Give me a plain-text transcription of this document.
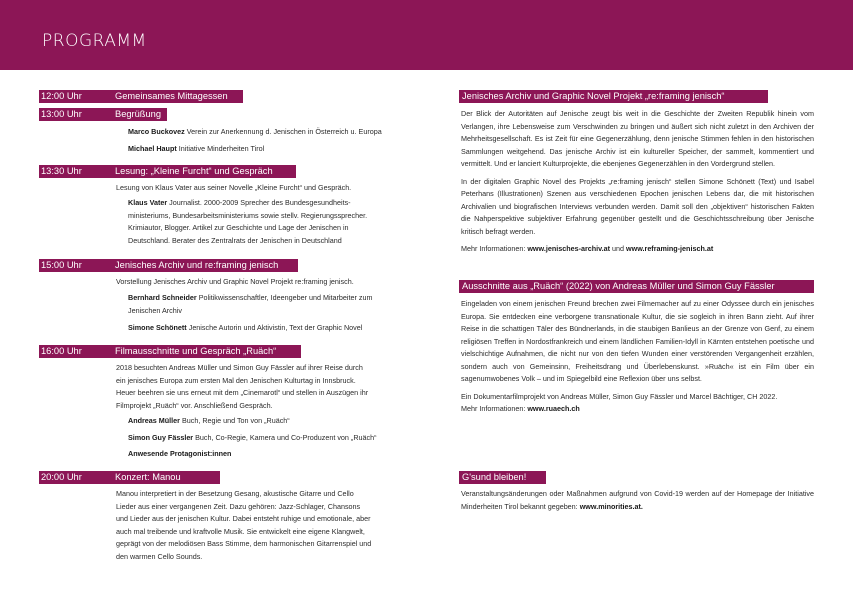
PROGRAMM
12:00 Uhr	Gemeinsames Mittagessen
13:00 Uhr	Begrüßung
Marco Buckovez Verein zur Anerkennung d. Jenischen in Österreich u. Europa
Michael Haupt Initiative Minderheiten Tirol
13:30 Uhr	Lesung: „Kleine Furcht“ und Gespräch
Lesung von Klaus Vater aus seiner Novelle „Kleine Furcht“ und Gespräch.
Klaus Vater Journalist. 2000-2009 Sprecher des Bundesgesundheits-
ministeriums, Bundesarbeitsministeriums sowie stellv. Regierungssprecher.
Krimiautor, Blogger. Artikel zur Geschichte und Lage der Jenischen in
Deutschland. Berater des Zentralrats der Jenischen in Deutschland
15:00 Uhr	Jenisches Archiv und re:framing jenisch
Vorstellung Jenisches Archiv und Graphic Novel Projekt re:framing jenisch.
Bernhard Schneider Politikwissenschaftler, Ideengeber und Mitarbeiter zum
Jenischen Archiv
Simone Schönett Jenische Autorin und Aktivistin, Text der Graphic Novel
16:00 Uhr	Filmausschnitte und Gespräch „Ruäch“
2018 besuchten Andreas Müller und Simon Guy Fässler auf ihrer Reise durch
ein jenisches Europa zum ersten Mal den Jenischen Kulturtag in Innsbruck.
Heuer beehren sie uns erneut mit dem „Cinemarotl“ und stellen in Auszügen ihr
Filmprojekt „Ruäch“ vor. Anschließend Gespräch.
Andreas Müller Buch, Regie und Ton von „Ruäch“
Simon Guy Fässler Buch, Co-Regie, Kamera und Co-Produzent von „Ruäch“
Anwesende Protagonist:innen
20:00 Uhr	Konzert: Manou
Manou interpretiert in der Besetzung Gesang, akustische Gitarre und Cello
Lieder aus einer vergangenen Zeit. Dazu gehören: Jazz-Schlager, Chansons
und Lieder aus der jenischen Kultur. Dabei entsteht ruhige und emotionale, aber
auch mal treibende und kraftvolle Musik. Sie entwickelt eine eigene Klangwelt,
geprägt von der melodiösen Bass Stimme, dem harmonischen Gitarrenspiel und
den warmen Cello Sounds.
Jenisches Archiv und Graphic Novel Projekt „re:framing jenisch“
Der Blick der Autoritäten auf Jenische zeugt bis weit in die Geschichte der Zweiten Republik hinein vom Verlangen, ihre Lebensweise zum Verschwinden zu bringen und äußert sich nicht zuletzt in den Archiven der Mehrheitsgesellschaft. Es ist Zeit für eine Gegenerzählung, denn jenische Stimmen fehlen in den historischen Sammlungen weitgehend. Das jenische Archiv ist ein kultureller Speicher, der sammelt, kommentiert und vermittelt. Und er lanciert Kulturprojekte, die ebenjenes Gegenerzählen in den Vordergrund stellen.
In der digitalen Graphic Novel des Projekts „re:framing jenisch“ stellen Simone Schönett (Text) und Isabel Peterhans (Illustrationen) Szenen aus verschiedenen Epochen jenischen Lebens dar, die mit historischen Archivalien und biografischen Interviews verbunden werden. Damit soll den „objektiven“ historischen Fakten die Nahperspektive subjektiver Erfahrung gegenüber gestellt und die Geschichtsschreibung über Jenische kritisch befragt werden.
Mehr Informationen: www.jenisches-archiv.at und www.reframing-jenisch.at
Ausschnitte aus „Ruäch“ (2022) von Andreas Müller und Simon Guy Fässler
Eingeladen von einem jenischen Freund brechen zwei Filmemacher auf zu einer Odyssee durch ein jenisches Europa. Sie entdecken eine verborgene transnationale Kultur, die sie sogleich in ihren Bann zieht. Auf ihrer Reise in die schattigen Täler des Bündnerlands, in die staubigen Banlieus an der Grenze von Genf, zu einem religiösen Treffen in Nordostfrankreich und einem ländlichen Familien-Idyll in Kärnten entstehen poetische und vielschichtige Aufnahmen, die nicht nur von den tiefen Wunden einer verstörenden Vergangenheit erzählen, sondern auch von Gemeinsinn, Freiheitsdrang und Überlebenskunst. »Ruäch« ist ein Film über ein sagenumwobenes Volk – und im Spiegelbild eine Reflexion über uns selbst.
Ein Dokumentarfilmprojekt von Andreas Müller, Simon Guy Fässler und Marcel Bächtiger, CH 2022.
Mehr Informationen: www.ruaech.ch
G'sund bleiben!
Veranstaltungsänderungen oder Maßnahmen aufgrund von Covid-19 werden auf der Homepage der Initiative Minderheiten Tirol bekannt gegeben: www.minorities.at.
